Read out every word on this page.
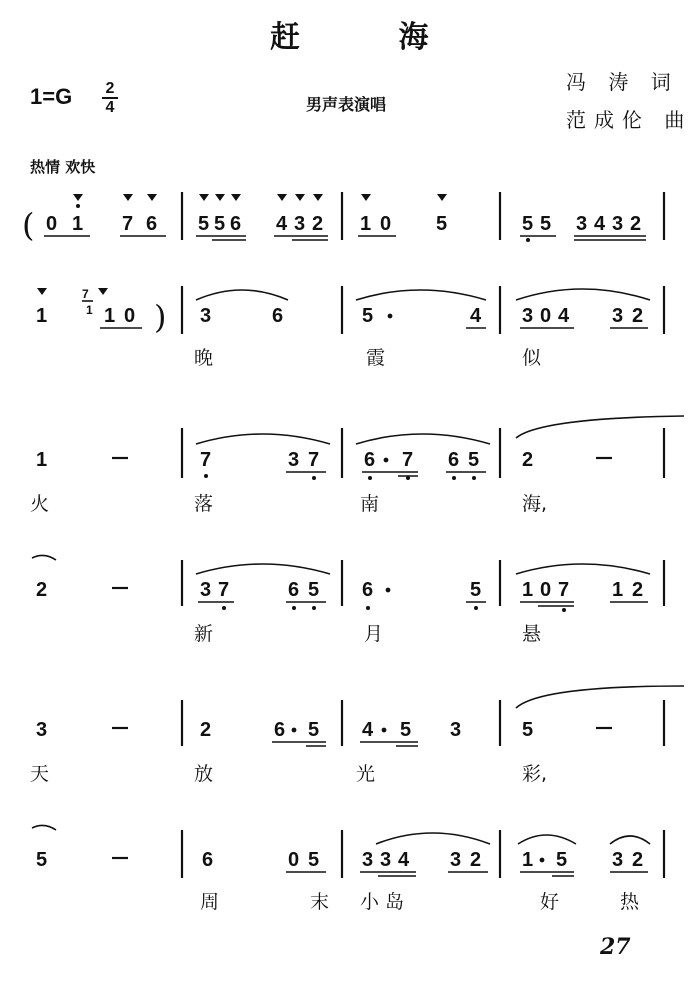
赶 海
1=G	2
4	男声表演唱
冯 涛 词
范成伦 曲
热情 欢快
27
( 0 1 7 6 5 5 6 4 3 2 1 0 5	5 5 3 4 3 2
1
7
1 1 0 ) 3	6	5	4 3 0 4 3 2
晚	霞	似
1	7	3 7 6 7 6 5 2
火	落	南	海,
2	3 7	6 5 6	5 1 0 7 1 2
新	月	悬
3	2	6 5 4 5 3	5
天	放	光	彩,
5	6	0 5 3 3 4 3 2 1 5 3 2
周	末 小岛	好	热
